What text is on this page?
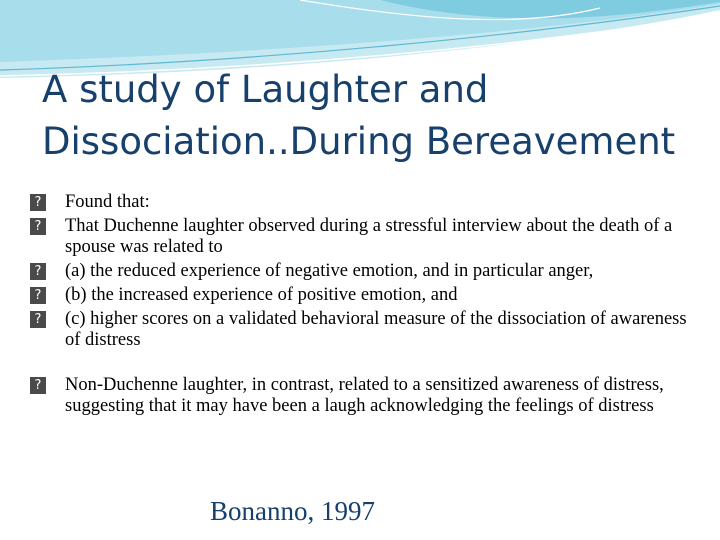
A study of Laughter and Dissociation..During Bereavement
? Found that:
? That Duchenne laughter observed during a stressful interview about the death of a spouse was related to
? (a) the reduced experience of negative emotion, and in particular anger,
? (b) the increased experience of positive emotion, and
? (c) higher scores on a validated behavioral measure of the dissociation of awareness of distress
? Non-Duchenne laughter, in contrast, related to a sensitized awareness of distress, suggesting that it may have been a laugh acknowledging the feelings of distress
Bonanno, 1997
